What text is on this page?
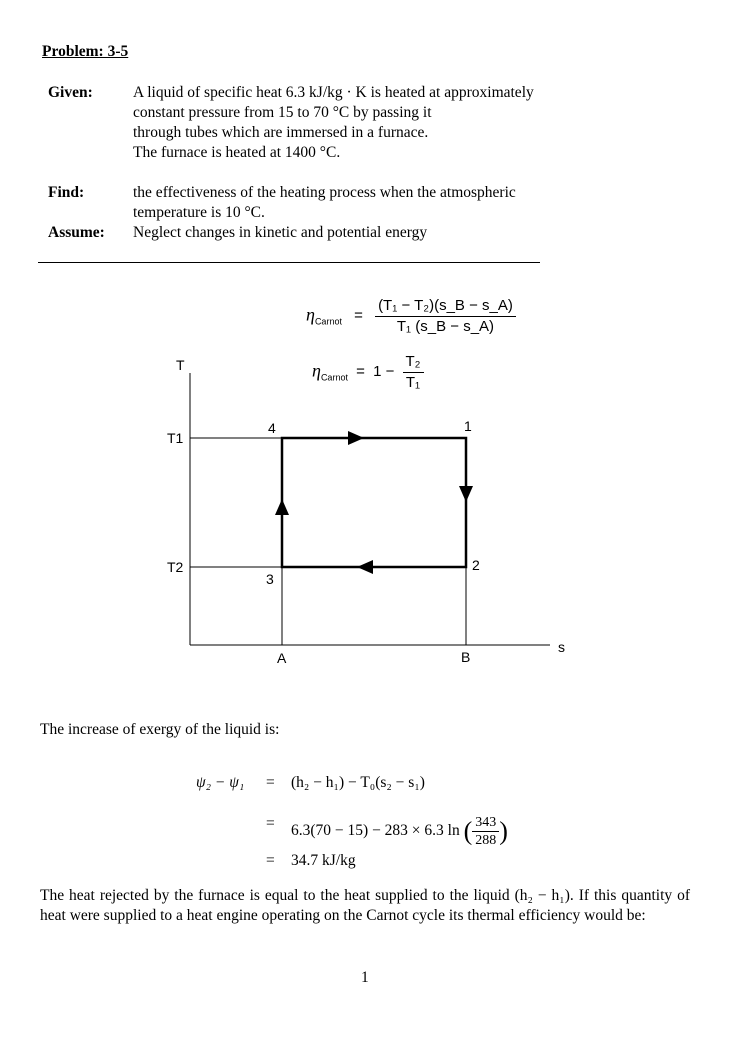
Problem: 3-5
Given:	A liquid of specific heat 6.3 kJ/kg · K is heated at approximately
constant pressure from 15 to 70 °C by passing it
through tubes which are immersed in a furnace.
The furnace is heated at 1400 °C.
Find:	the effectiveness of the heating process when the atmospheric
temperature is 10 °C.
Assume: Neglect changes in kinetic and potential energy
$\eta_{Carnot} = \frac{\text{(T₁ − T₂)(s\_B − s\_A)}}{\text{T₁ (s\_B − s\_A)}}$
$\eta_{Carnot} = 1 - \frac{\text{T₂}}{\text{T₁}}$
T
s
T1
T2
1
2
3
4
A	B
The increase of exergy of the liquid is:
ψ₂ − ψ₁ = (h₂ − h₁) − T₀(s₂ − s₁)
= 6.3(70 − 15) − 283 × 6.3 ln ( $\frac{343}{288}$ )
= 34.7 kJ/kg
The heat rejected by the furnace is equal to the heat supplied to the liquid (h₂ − h₁). If this quantity of heat were supplied to a heat engine operating on the Carnot cycle its thermal efficiency would be:
1
